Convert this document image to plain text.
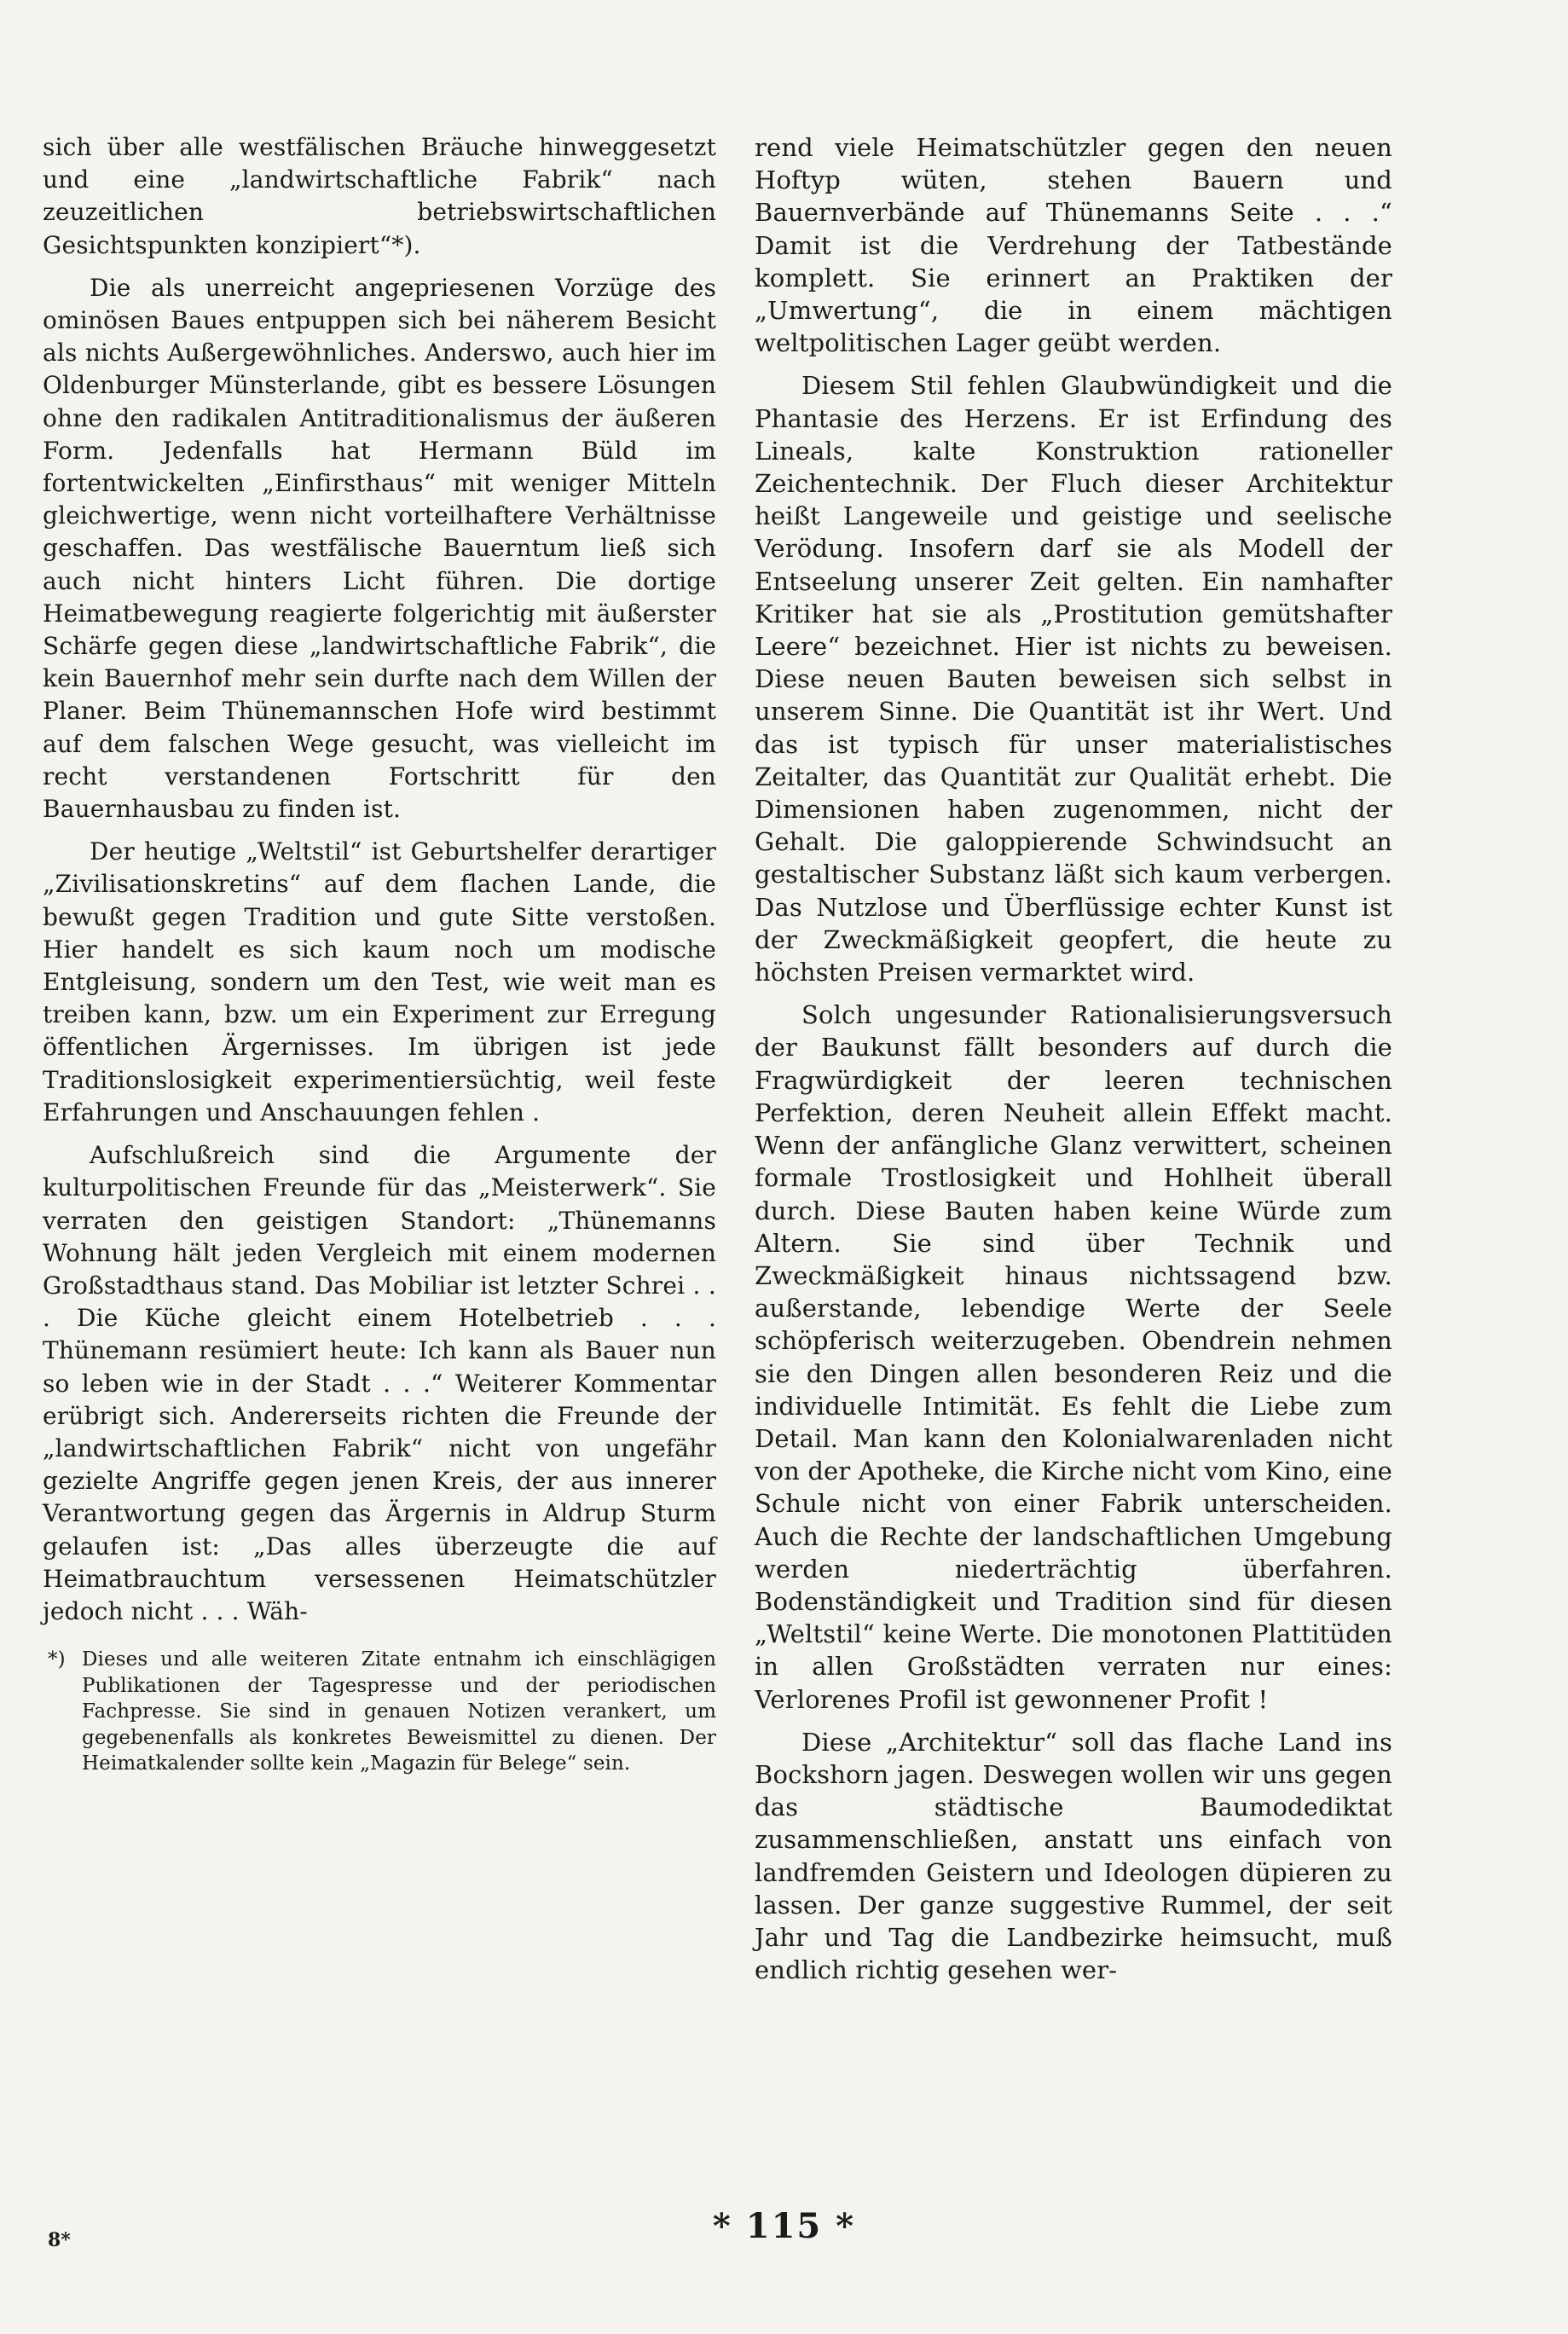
sich über alle westfälischen Bräuche hinweggesetzt und eine „landwirtschaftliche Fabrik“ nach zeuzeitlichen betriebswirtschaftlichen Gesichtspunkten konzipiert“*).

Die als unerreicht angepriesenen Vorzüge des ominösen Baues entpuppen sich bei näherem Besicht als nichts Außergewöhnliches. Anderswo, auch hier im Oldenburger Münsterlande, gibt es bessere Lösungen ohne den radikalen Antitraditionalismus der äußeren Form. Jedenfalls hat Hermann Büld im fortentwickelten „Einfirsthaus“ mit weniger Mitteln gleichwertige, wenn nicht vorteilhaftere Verhältnisse geschaffen. Das westfälische Bauerntum ließ sich auch nicht hinters Licht führen. Die dortige Heimatbewegung reagierte folgerichtig mit äußerster Schärfe gegen diese „landwirtschaftliche Fabrik“, die kein Bauernhof mehr sein durfte nach dem Willen der Planer. Beim Thünemannschen Hofe wird bestimmt auf dem falschen Wege gesucht, was vielleicht im recht verstandenen Fortschritt für den Bauernhausbau zu finden ist.

Der heutige „Weltstil“ ist Geburtshelfer derartiger „Zivilisationskretins“ auf dem flachen Lande, die bewußt gegen Tradition und gute Sitte verstoßen. Hier handelt es sich kaum noch um modische Entgleisung, sondern um den Test, wie weit man es treiben kann, bzw. um ein Experiment zur Erregung öffentlichen Ärgernisses. Im übrigen ist jede Traditionslosigkeit experimentiersüchtig, weil feste Erfahrungen und Anschauungen fehlen .

Aufschlußreich sind die Argumente der kulturpolitischen Freunde für das „Meisterwerk“. Sie verraten den geistigen Standort: „Thünemanns Wohnung hält jeden Vergleich mit einem modernen Großstadthaus stand. Das Mobiliar ist letzter Schrei . . . Die Küche gleicht einem Hotelbetrieb . . . Thünemann resümiert heute: Ich kann als Bauer nun so leben wie in der Stadt . . .“ Weiterer Kommentar erübrigt sich. Andererseits richten die Freunde der „landwirtschaftlichen Fabrik“ nicht von ungefähr gezielte Angriffe gegen jenen Kreis, der aus innerer Verantwortung gegen das Ärgernis in Aldrup Sturm gelaufen ist: „Das alles überzeugte die auf Heimatbrauchtum versessenen Heimatschützler jedoch nicht . . . Wäh-

*) Dieses und alle weiteren Zitate entnahm ich einschlägigen Publikationen der Tagespresse und der periodischen Fachpresse. Sie sind in genauen Notizen verankert, um gegebenenfalls als konkretes Beweismittel zu dienen. Der Heimatkalender sollte kein „Magazin für Belege“ sein.

rend viele Heimatschützler gegen den neuen Hoftyp wüten, stehen Bauern und Bauernverbände auf Thünemanns Seite . . .“ Damit ist die Verdrehung der Tatbestände komplett. Sie erinnert an Praktiken der „Umwertung“, die in einem mächtigen weltpolitischen Lager geübt werden.

Diesem Stil fehlen Glaubwündigkeit und die Phantasie des Herzens. Er ist Erfindung des Lineals, kalte Konstruktion rationeller Zeichentechnik. Der Fluch dieser Architektur heißt Langeweile und geistige und seelische Verödung. Insofern darf sie als Modell der Entseelung unserer Zeit gelten. Ein namhafter Kritiker hat sie als „Prostitution gemütshafter Leere“ bezeichnet. Hier ist nichts zu beweisen. Diese neuen Bauten beweisen sich selbst in unserem Sinne. Die Quantität ist ihr Wert. Und das ist typisch für unser materialistisches Zeitalter, das Quantität zur Qualität erhebt. Die Dimensionen haben zugenommen, nicht der Gehalt. Die galoppierende Schwindsucht an gestaltischer Substanz läßt sich kaum verbergen. Das Nutzlose und Überflüssige echter Kunst ist der Zweckmäßigkeit geopfert, die heute zu höchsten Preisen vermarktet wird.

Solch ungesunder Rationalisierungsversuch der Baukunst fällt besonders auf durch die Fragwürdigkeit der leeren technischen Perfektion, deren Neuheit allein Effekt macht. Wenn der anfängliche Glanz verwittert, scheinen formale Trostlosigkeit und Hohlheit überall durch. Diese Bauten haben keine Würde zum Altern. Sie sind über Technik und Zweckmäßigkeit hinaus nichtssagend bzw. außerstande, lebendige Werte der Seele schöpferisch weiterzugeben. Obendrein nehmen sie den Dingen allen besonderen Reiz und die individuelle Intimität. Es fehlt die Liebe zum Detail. Man kann den Kolonialwarenladen nicht von der Apotheke, die Kirche nicht vom Kino, eine Schule nicht von einer Fabrik unterscheiden. Auch die Rechte der landschaftlichen Umgebung werden niederträchtig überfahren. Bodenständigkeit und Tradition sind für diesen „Weltstil“ keine Werte. Die monotonen Plattitüden in allen Großstädten verraten nur eines: Verlorenes Profil ist gewonnener Profit !

Diese „Architektur“ soll das flache Land ins Bockshorn jagen. Deswegen wollen wir uns gegen das städtische Baumodediktat zusammenschließen, anstatt uns einfach von landfremden Geistern und Ideologen düpieren zu lassen. Der ganze suggestive Rummel, der seit Jahr und Tag die Landbezirke heimsucht, muß endlich richtig gesehen wer-

8*	* 115 *
